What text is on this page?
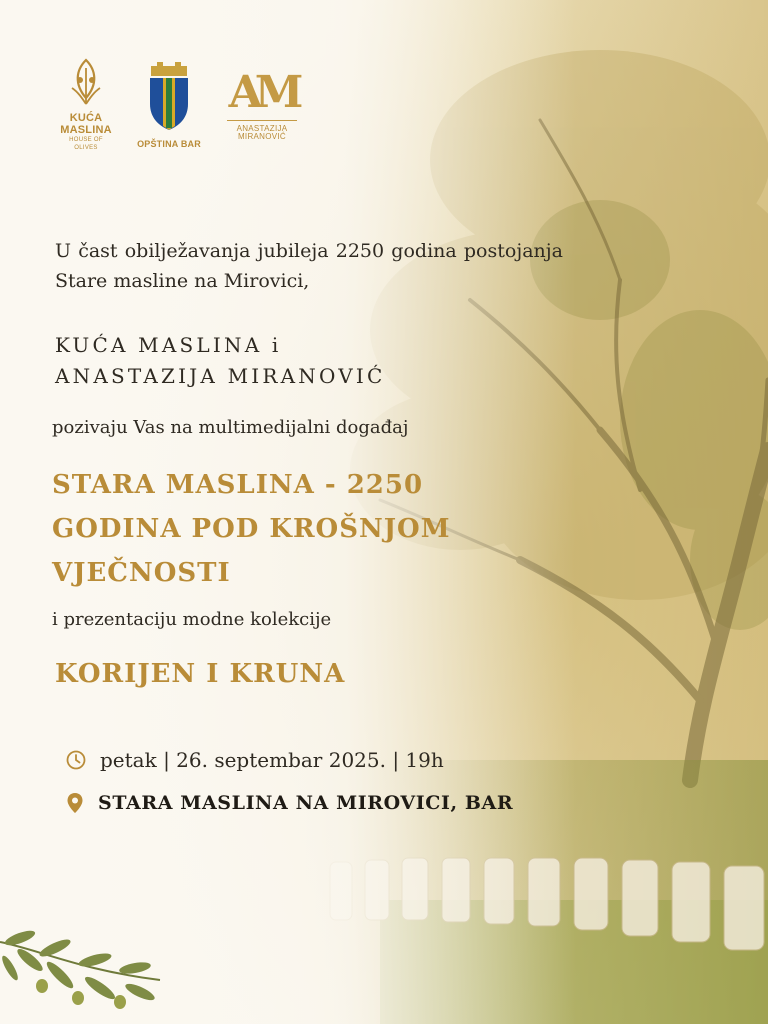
KUĆA
MASLINA
HOUSE OF OLIVES	OPŠTINA BAR
AM
ANASTAZIJA
MIRANOVIĆ
U čast obilježavanja jubileja 2250 godina postojanja Stare masline na Mirovici,
KUĆA MASLINA i
ANASTAZIJA MIRANOVIĆ
pozivaju Vas na multimedijalni događaj
STARA MASLINA - 2250
GODINA POD KROŠNJOM
VJEČNOSTI
i prezentaciju modne kolekcije
KORIJEN I KRUNA
petak | 26. septembar 2025. | 19h
STARA MASLINA NA MIROVICI, BAR
